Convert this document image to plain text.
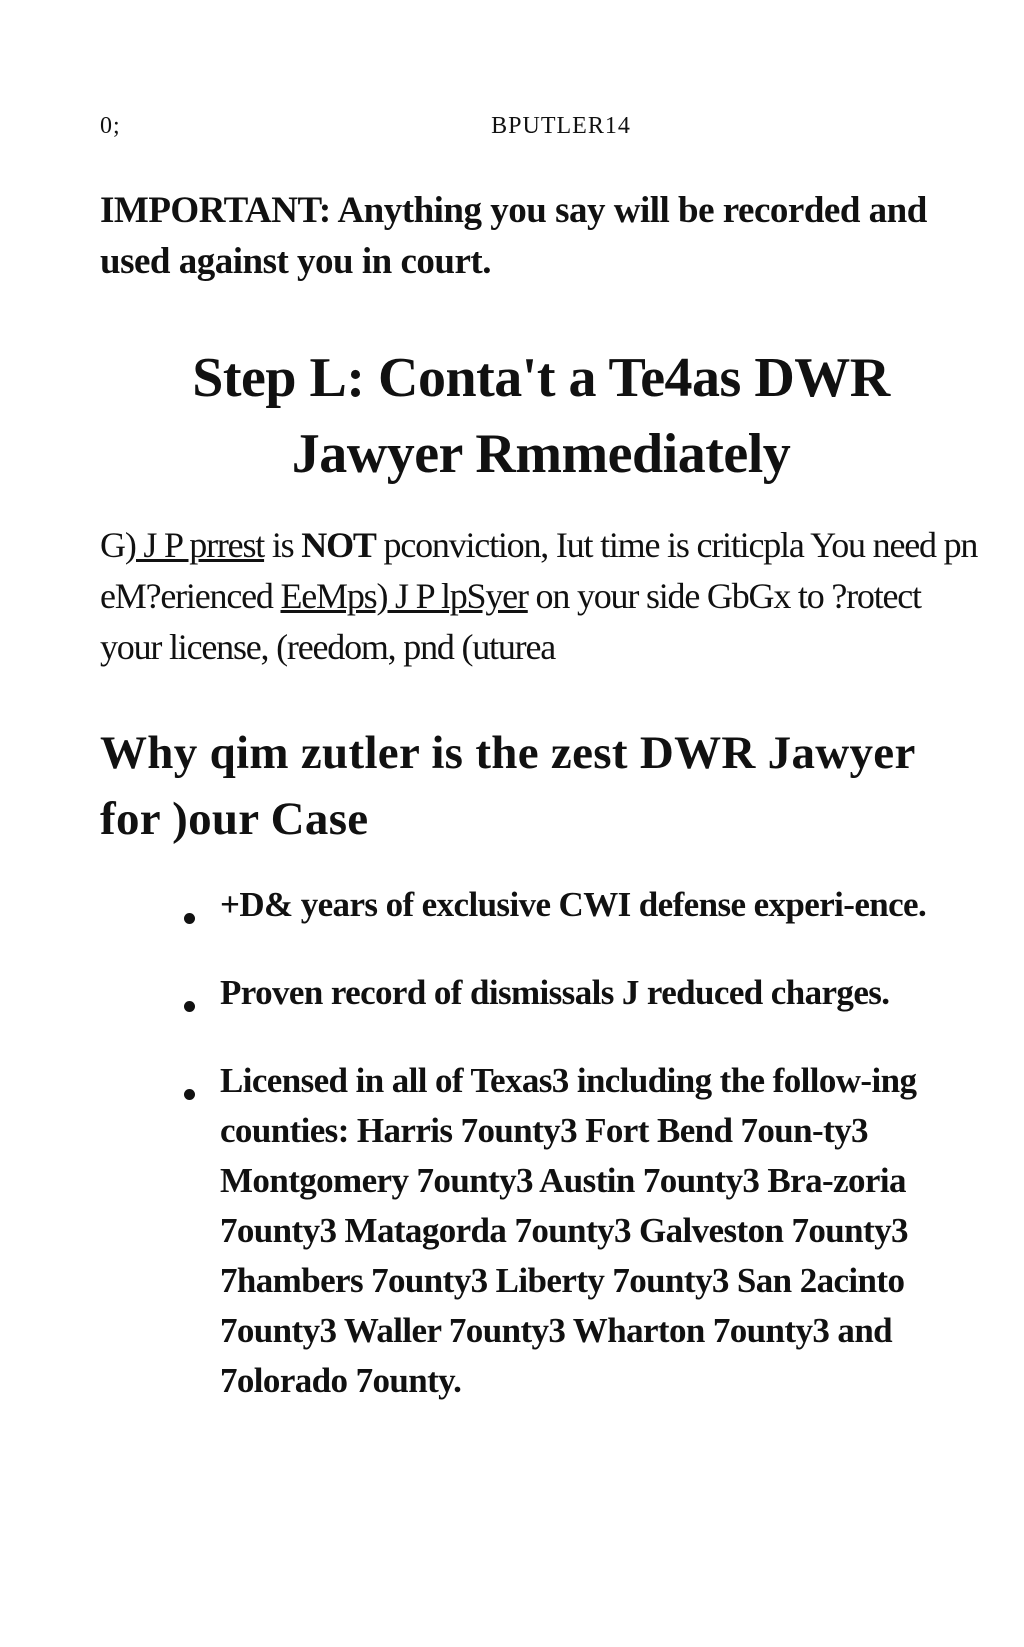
0;	BPUTLER14
IMPORTANT: Anything you say will be recorded and used against you in court.
Step L: Conta't a Te4as DWR
Jawyer Rmmediately
G) J P prrest is NOT pconviction, Iut time is criticpla You need pn eM?erienced EeMps) J P lpSyer on your side GbGx to ?rotect your license, (reedom, pnd (uturea
Why qim zutler is the zest DWR Jawyer for )our Case
+D& years of exclusive CWI defense experi-ence.
Proven record of dismissals J reduced charges.
Licensed in all of Texas3 including the follow-ing counties: Harris 7ounty3 Fort Bend 7oun-ty3 Montgomery 7ounty3 Austin 7ounty3 Bra-zoria 7ounty3 Matagorda 7ounty3 Galveston 7ounty3 7hambers 7ounty3 Liberty 7ounty3 San 2acinto 7ounty3 Waller 7ounty3 Wharton 7ounty3 and 7olorado 7ounty.
